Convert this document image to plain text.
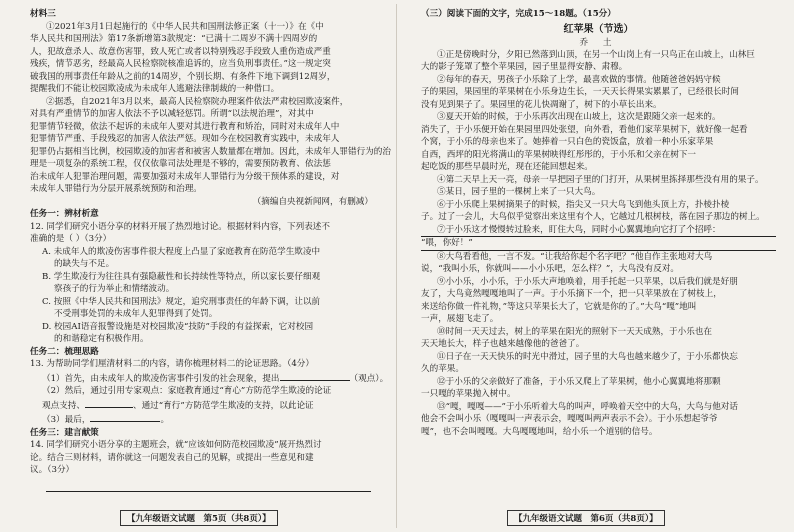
材料三
①2021年3月1日起施行的《中华人民共和国刑法修正案（十一）》在《中
华人民共和国刑法》第17条新增第3款规定：“已满十二周岁不满十四周岁的
人，犯故意杀人、故意伤害罪，致人死亡或者以特别残忍手段致人重伤造成严重
残疾，情节恶劣，经最高人民检察院核准追诉的，应当负刑事责任。”这一规定突
破我国的刑事责任年龄从之前的14周岁，个别长期、有条件下地下调到12周岁，
提醒我们不能让校园欺凌成为未成年人逃避法律制裁的一种借口。
②据悉，自2021年3月以来，最高人民检察院办理案件依法严肃校园欺凌案件，
对具有严重情节的加害人依法不予以减轻惩罚。所谓“以法规治理”，对其中
犯罪情节轻微，依法不起诉的未成年人要对其进行教育和矫治，同时对未成年人中
犯罪情节严重、手段残忍的加害人依法严惩。现如今在校园教育实践中，未成年人
犯罪仍占据相当比例，校园欺凌的加害者和被害人数量都在增加。因此，未成年人罪错行为的治
理是一项复杂的系统工程，仅仅依靠司法处理是不够的，需要预防教育、依法惩
治未成年人犯罪治理问题，需要加强对未成年人罪错行为分级干预体系的建设，对
未成年人罪错行为分层开展系统预防和治理。
（摘编自央视新闻网，有删减）
任务一：辨材析意
12. 同学们研究小语分享的材料开展了热烈地讨论。根据材料内容，下列表述不
准确的是（ ）（3分）
A. 未成年人的欺凌伤害事件很大程度上凸显了家庭教育在防范学生欺凌中
的缺失与不足。
B. 学生欺凌行为往往具有强隐蔽性和长持续性等特点，所以家长要仔细观
察孩子的行为举止和情绪波动。
C. 按照《中华人民共和国刑法》规定，追究刑事责任的年龄下调，让以前
不受刑事处罚的未成年人犯罪得到了处罚。
D. 校园AI语音报警设施是对校园欺凌“技防”手段的有益探索，它对校园
的和谐稳定有积极作用。
任务二：梳理思路
13. 为帮助同学们厘清材料二的内容，请你梳理材料二的论证思路。（4分）
（1）首先，由未成年人的欺凌伤害事件引发的社会现象，提出	（观点）。
（2）然后，通过引用专家观点：家庭教育通过“育心”方防范学生欺凌的论证
观点支持、	、通过“育行”方防范学生欺凌的支持，以此论证
（3）最后，	。
任务三：建言献策
14. 同学们研究小语分享的主题班会，就“应该如何防范校园欺凌”展开热烈讨
论。结合三则材料，请你就这一问题发表自己的见解，或提出一些意见和建
议。（3分）
【九年级语文试题　第5页（共8页）】
（三）阅读下面的文字，完成15～18题。（15分）
红苹果（节选）
乔 土
①正是傍晚时分，夕阳已然落到山顶，在另一个山岗上有一只鸟正在山坡上，山林巨
大的影子笼罩了整个苹果园，园子里显得安静、肃穆。
②每年的春天，男孩子小乐除了上学，最喜欢做的事情。他随爸爸妈妈守候
子的果园，果园里的苹果树在小乐身边生长，一天天长得果实累累了，已经很长时间
没有见到果子了。果园里的花儿快凋谢了，树下的小草长出来。
③夏天开始的时候，于小乐再次出现在山坡上，这次是跟随父亲一起来的。
消失了，于小乐便开始在果园里四处张望，向外看，看他们家苹果树下，就好像一起看
个窝，于小乐的母亲也来了。她捧着一只白色的瓷饭盒，放着一种小乐家苹果
自西，西坪的阳光将满山的苹果树映得红彤彤的，于小乐和父亲在树下一
起吃饭的那些早晨时光，现在还能回想起来。
④第二天早上天一亮，母亲一早把园子里的门打开，从果树里拣择那些没有用的果子。
⑤某日，园子里的一棵树上来了一只大鸟。
⑥于小乐爬上果树摘果子的时候，指尖又一只大鸟飞到他头顶上方，扑棱扑棱
子。过了一会儿，大鸟似乎觉察出来这里有个人，它越过几根树枝，落在园子那边的树上。
⑦于小乐这才慢慢转过脸来，盯住大鸟，同时小心翼翼地向它打了个招呼：
“喂，你好！”
⑧大鸟看看他，一言不发。“让我给你起个名字吧？”他自作主张地对大鸟
说，“我叫小乐，你就叫——小小乐吧，怎么样？”，大鸟没有反对。
⑨小小乐，小小乐，于小乐大声地唤着，用手托起一只苹果，以后我们就是好朋
友了，大鸟竟然嘎嘎地叫了一声。于小乐摘下一个，把一只苹果放在了树枝上，
来送给你做一件礼物，”等这只苹果长大了，它就是你的了。”大鸟“嘎”地叫
一声，展翅飞走了。
⑩时间一天天过去，树上的苹果在阳光的照射下一天天成熟，于小乐也在
天天地长大，样子也越来越像他的爸爸了。
⑪日子在一天天快乐的时光中滑过，园子里的大鸟也越来越少了，于小乐都快忘
久的苹果。
⑫于小乐的父亲做好了准备，于小乐又爬上了苹果树，他小心翼翼地将那颗
一只嘎的苹果抛入树中。
⑬“嘎，嘎嘎——”于小乐听着大鸟的叫声，呼唤着天空中的大鸟，大鸟与他对话
他会不会叫小乐（嘎嘎叫一声表示会，嘎嘎叫两声表示不会）。于小乐想起爷爷
嘎”，也不会叫嘎嘎。大鸟嘎嘎地叫，给小乐一个道别的信号。
【九年级语文试题　第6页（共8页）】
